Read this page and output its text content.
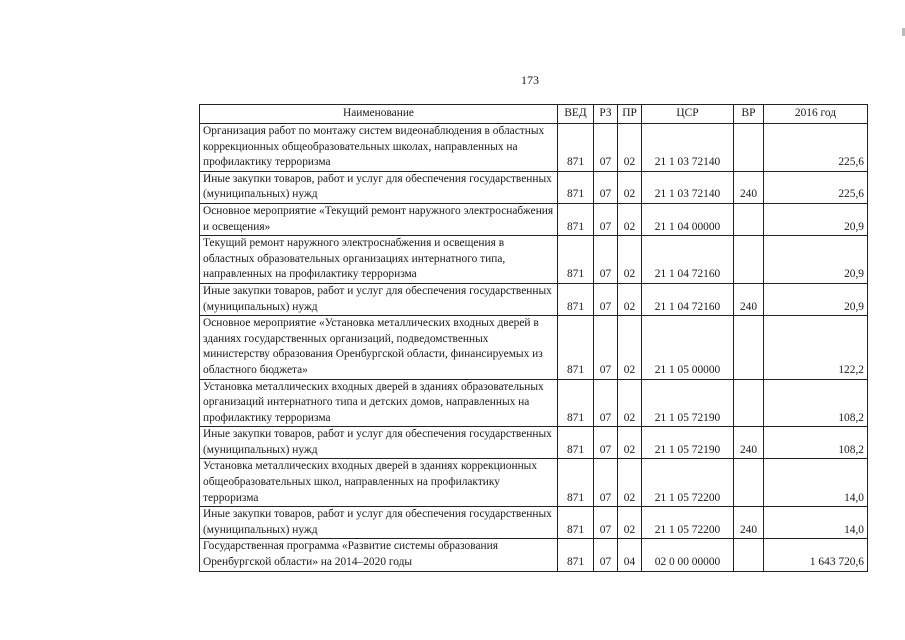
173
Наименование	ВЕД	РЗ	ПР	ЦСР	ВР	2016 год
Организация работ по монтажу систем видеонаблюдения в областных коррекционных общеобразовательных школах, направленных на профилактику терроризма	871	07	02	21 1 03 72140		225,6
Иные закупки товаров, работ и услуг для обеспечения государственных (муниципальных) нужд	871	07	02	21 1 03 72140	240	225,6
Основное мероприятие «Текущий ремонт наружного электроснабжения и освещения»	871	07	02	21 1 04 00000		20,9
Текущий ремонт наружного электроснабжения и освещения в областных образовательных организациях интернатного типа, направленных на профилактику терроризма	871	07	02	21 1 04 72160		20,9
Иные закупки товаров, работ и услуг для обеспечения государственных (муниципальных) нужд	871	07	02	21 1 04 72160	240	20,9
Основное мероприятие «Установка металлических входных дверей в зданиях государственных организаций, подведомственных министерству образования Оренбургской области, финансируемых из областного бюджета»	871	07	02	21 1 05 00000		122,2
Установка металлических входных дверей в зданиях образовательных организаций интернатного типа и детских домов, направленных на профилактику терроризма	871	07	02	21 1 05 72190		108,2
Иные закупки товаров, работ и услуг для обеспечения государственных (муниципальных) нужд	871	07	02	21 1 05 72190	240	108,2
Установка металлических входных дверей в зданиях коррекционных общеобразовательных школ, направленных на профилактику терроризма	871	07	02	21 1 05 72200		14,0
Иные закупки товаров, работ и услуг для обеспечения государственных (муниципальных) нужд	871	07	02	21 1 05 72200	240	14,0
Государственная программа «Развитие системы образования Оренбургской области» на 2014–2020 годы	871	07	04	02 0 00 00000		1 643 720,6
